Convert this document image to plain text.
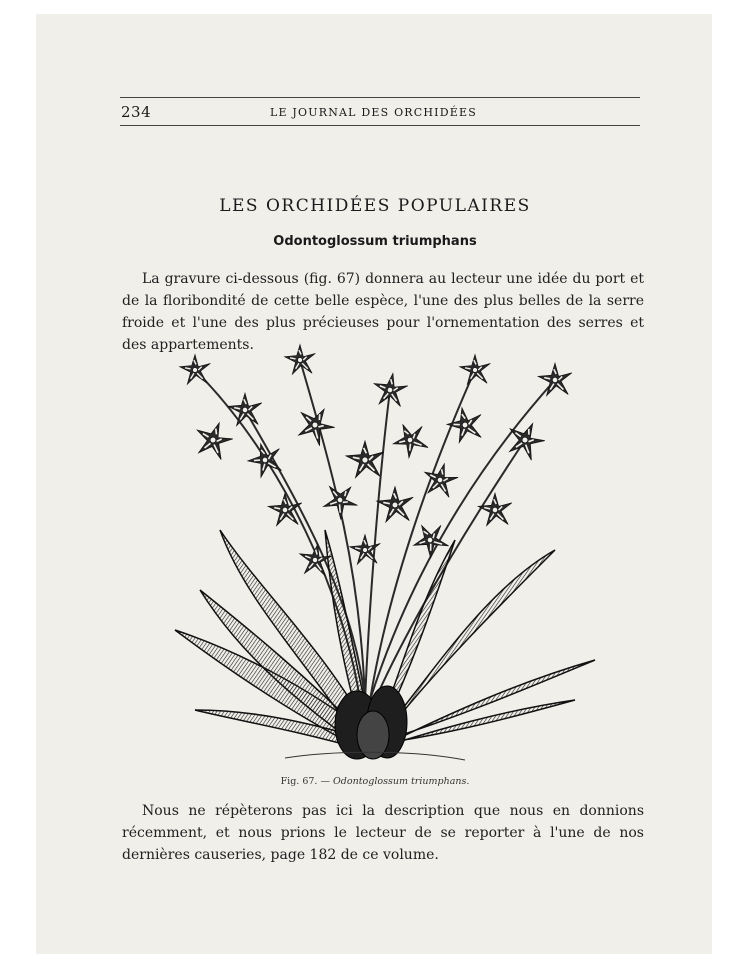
234	LE JOURNAL DES ORCHIDÉES
LES ORCHIDÉES POPULAIRES
Odontoglossum triumphans
La gravure ci-dessous (fig. 67) donnera au lecteur une idée du port et de la floribondité de cette belle espèce, l'une des plus belles de la serre froide et l'une des plus précieuses pour l'ornementation des serres et des appartements.
Fig. 67. — Odontoglossum triumphans.
Nous ne répèterons pas ici la description que nous en donnions récemment, et nous prions le lecteur de se reporter à l'une de nos dernières causeries, page 182 de ce volume.
